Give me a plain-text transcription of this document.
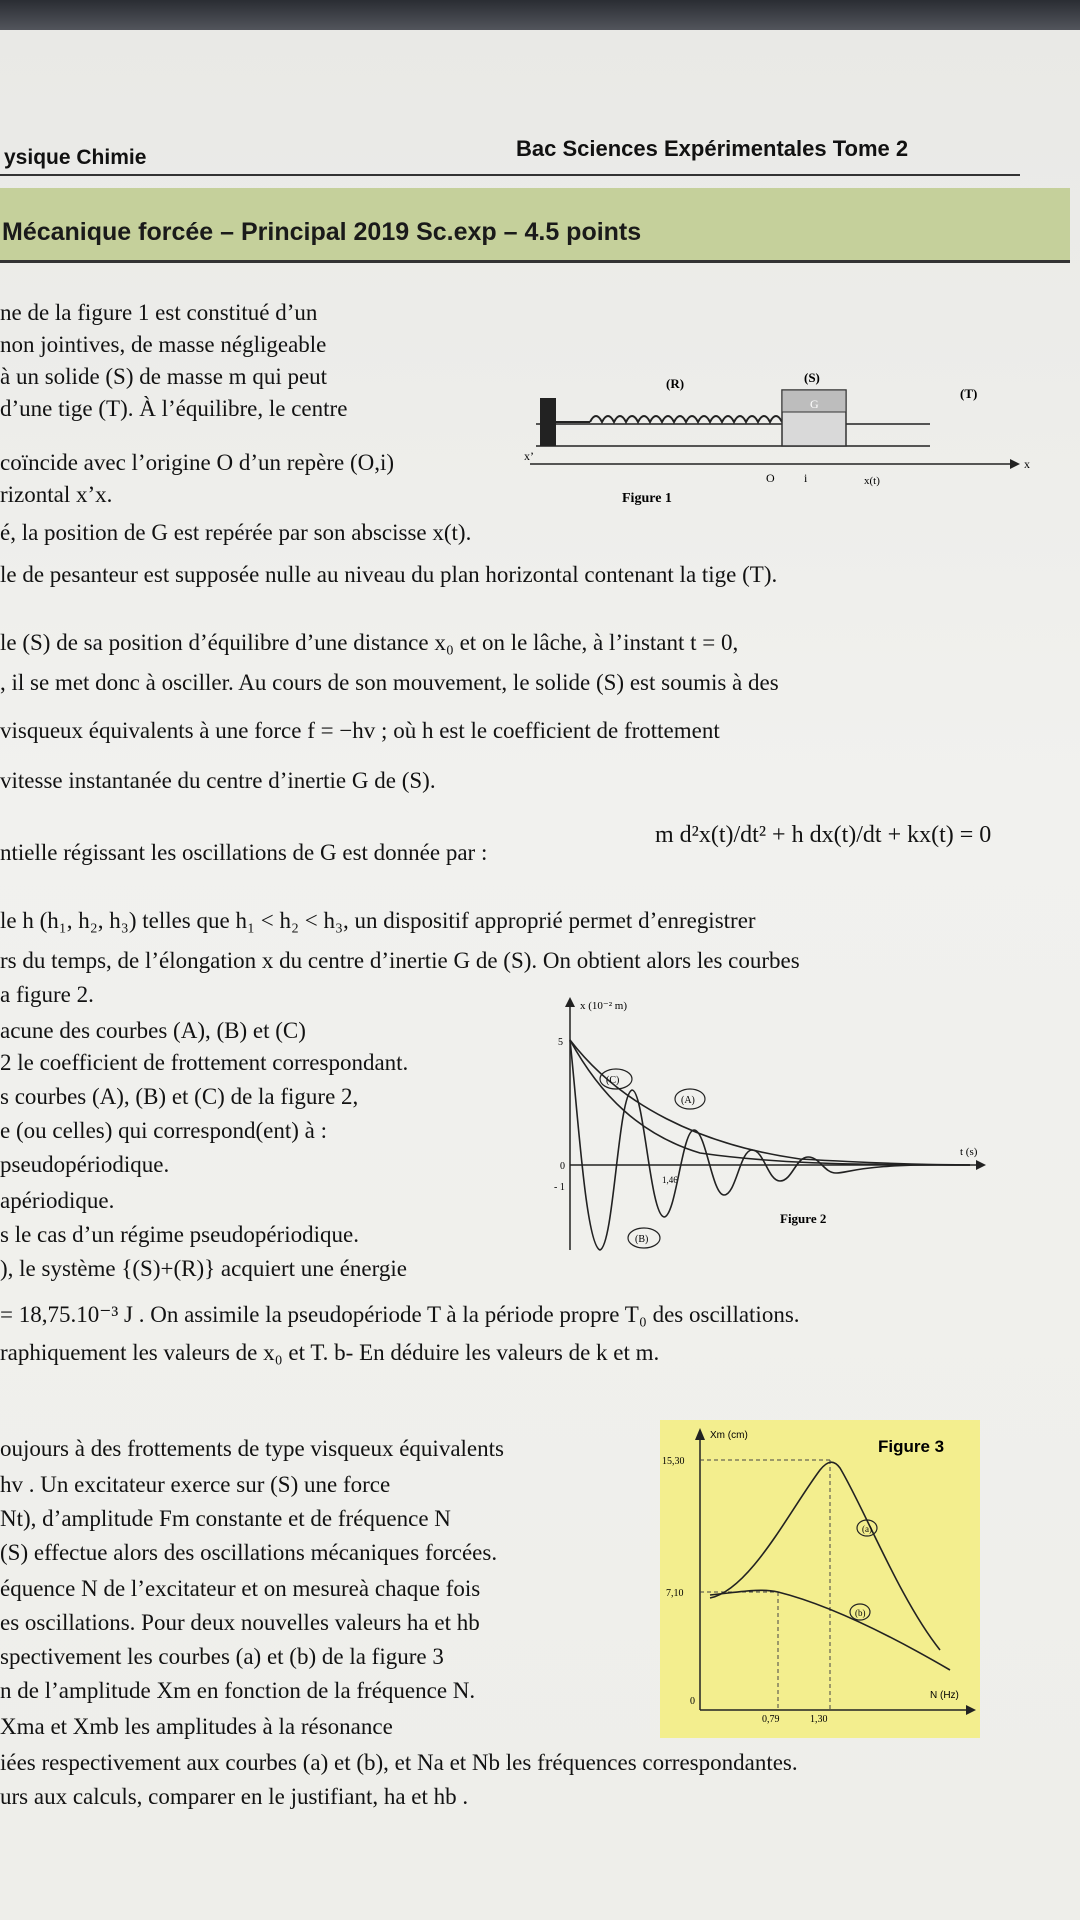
ysique Chimie	Bac Sciences Expérimentales Tome 2
Mécanique forcée – Principal 2019 Sc.exp – 4.5 points
ne de la figure 1 est constitué d’un
non jointives, de masse négligeable
à un solide (S) de masse m qui peut
d’une tige (T). À l’équilibre, le centre
coïncide avec l’origine O d’un repère (O,i)
rizontal x’x.
é, la position de G est repérée par son abscisse x(t).
le de pesanteur est supposée nulle au niveau du plan horizontal contenant la tige (T).
le (S) de sa position d’équilibre d’une distance x₀ et on le lâche, à l’instant t = 0,
, il se met donc à osciller. Au cours de son mouvement, le solide (S) est soumis à des
visqueux équivalents à une force f = −hv ; où h est le coefficient de frottement
vitesse instantanée du centre d’inertie G de (S).
ntielle régissant les oscillations de G est donnée par :
m d²x(t)/dt² + h dx(t)/dt + kx(t) = 0
le h (h₁, h₂, h₃) telles que h₁ < h₂ < h₃, un dispositif approprié permet d’enregistrer
rs du temps, de l’élongation x du centre d’inertie G de (S). On obtient alors les courbes
a figure 2.
acune des courbes (A), (B) et (C)
2 le coefficient de frottement correspondant.
s courbes (A), (B) et (C) de la figure 2,
e (ou celles) qui correspond(ent) à :
pseudopériodique.
apériodique.
s le cas d’un régime pseudopériodique.
), le système {(S)+(R)} acquiert une énergie
= 18,75.10⁻³ J . On assimile la pseudopériode T à la période propre T₀ des oscillations.
raphiquement les valeurs de x₀ et T. b- En déduire les valeurs de k et m.
oujours à des frottements de type visqueux équivalents
hv . Un excitateur exerce sur (S) une force
Nt), d’amplitude Fm constante et de fréquence N
(S) effectue alors des oscillations mécaniques forcées.
équence N de l’excitateur et on mesureà chaque fois
es oscillations. Pour deux nouvelles valeurs ha et hb
spectivement les courbes (a) et (b) de la figure 3
n de l’amplitude Xm en fonction de la fréquence N.
Xma et Xmb les amplitudes à la résonance
iées respectivement aux courbes (a) et (b), et Na et Nb les fréquences correspondantes.
urs aux calculs, comparer en le justifiant, ha et hb .
(R)	(S)
G
(T)
x’
x
O i	x(t)
Figure 1
x (10⁻² m)
t (s)
5
0
- 1
1,46
(C)
(A)
(B)
Figure 2
Xm (cm)
N (Hz)
Figure 3
15,30
7,10
0
0,79	1,30
(a)
(b)
